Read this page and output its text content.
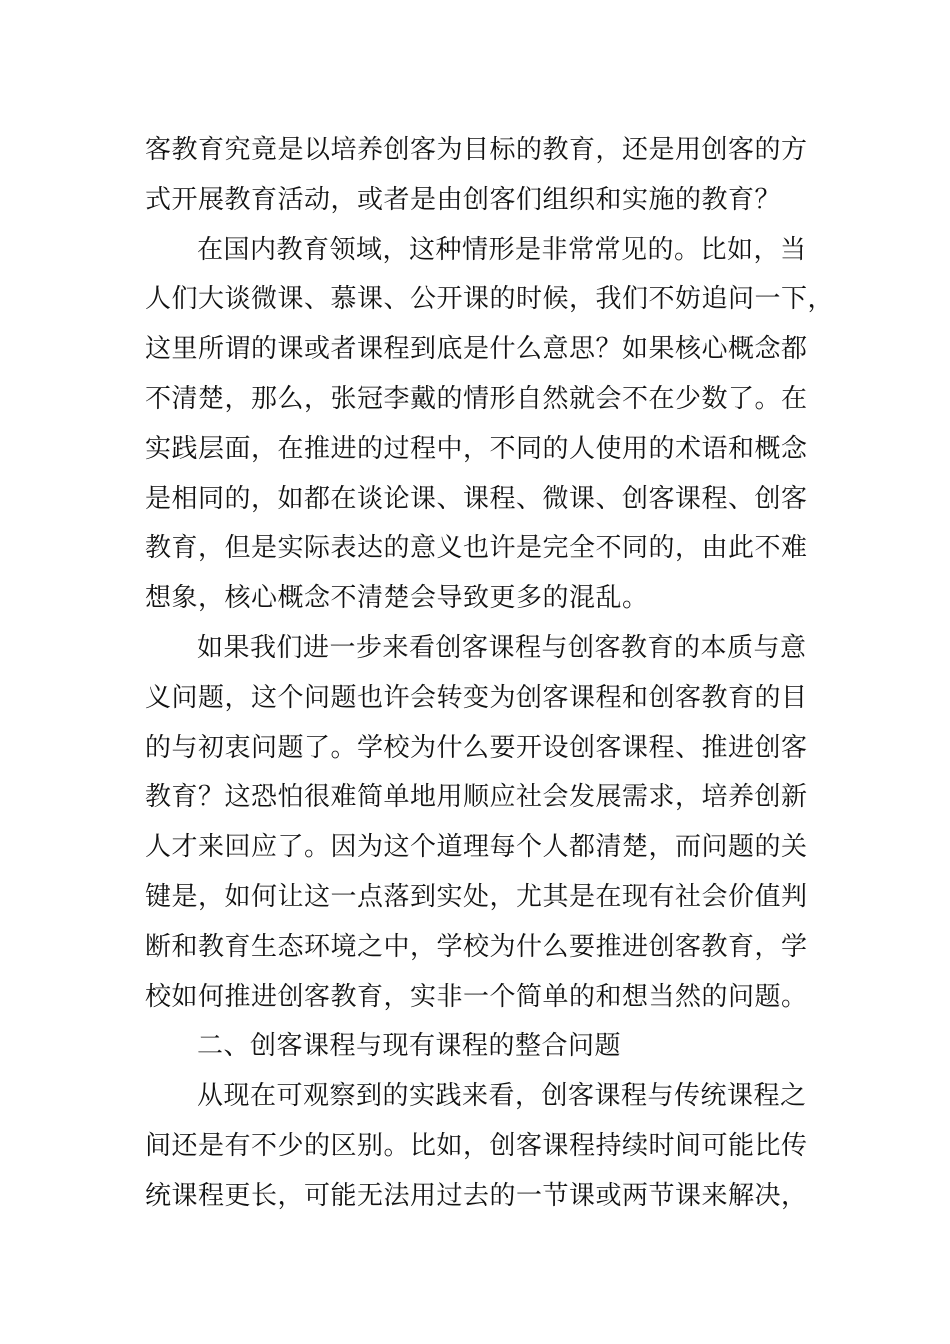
客教育究竟是以培养创客为目标的教育，还是用创客的方
式开展教育活动，或者是由创客们组织和实施的教育？
在国内教育领域，这种情形是非常常见的。比如，当
人们大谈微课、慕课、公开课的时候，我们不妨追问一下，
这里所谓的课或者课程到底是什么意思？如果核心概念都
不清楚，那么，张冠李戴的情形自然就会不在少数了。在
实践层面，在推进的过程中，不同的人使用的术语和概念
是相同的，如都在谈论课、课程、微课、创客课程、创客
教育，但是实际表达的意义也许是完全不同的，由此不难
想象，核心概念不清楚会导致更多的混乱。
如果我们进一步来看创客课程与创客教育的本质与意
义问题，这个问题也许会转变为创客课程和创客教育的目
的与初衷问题了。学校为什么要开设创客课程、推进创客
教育？这恐怕很难简单地用顺应社会发展需求，培养创新
人才来回应了。因为这个道理每个人都清楚，而问题的关
键是，如何让这一点落到实处，尤其是在现有社会价值判
断和教育生态环境之中，学校为什么要推进创客教育，学
校如何推进创客教育，实非一个简单的和想当然的问题。
二、创客课程与现有课程的整合问题
从现在可观察到的实践来看，创客课程与传统课程之
间还是有不少的区别。比如，创客课程持续时间可能比传
统课程更长，可能无法用过去的一节课或两节课来解决，
